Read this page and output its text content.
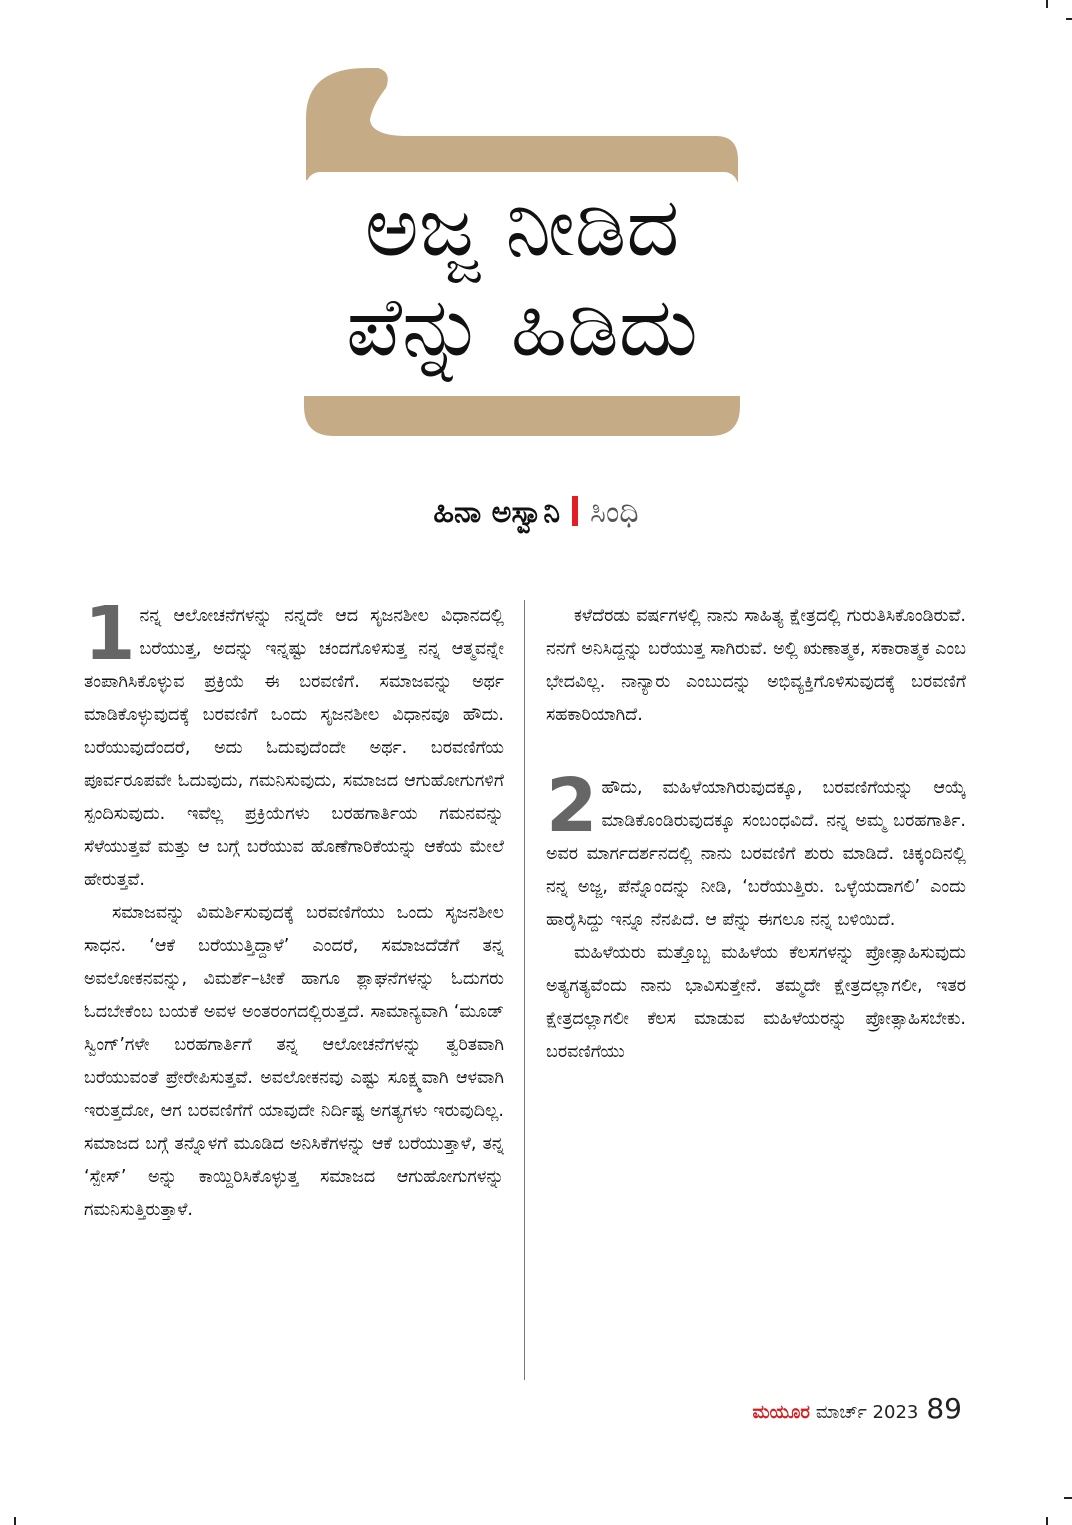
ಅಜ್ಜ ನೀಡಿದ
ಪೆನ್ನು ಹಿಡಿದು
ಹಿನಾ ಅಸ್ವಾನಿ ಸಿಂಧಿ

1 ನನ್ನ ಆಲೋಚನೆಗಳನ್ನು ನನ್ನದೇ ಆದ ಸೃಜನಶೀಲ ವಿಧಾನದಲ್ಲಿ ಬರೆಯುತ್ತ, ಅದನ್ನು ಇನ್ನಷ್ಟು ಚಂದಗೊಳಿಸುತ್ತ ನನ್ನ ಆತ್ಮವನ್ನೇ ತಂಪಾಗಿಸಿಕೊಳ್ಳುವ ಪ್ರಕ್ರಿಯೆ ಈ ಬರವಣಿಗೆ. ಸಮಾಜವನ್ನು ಅರ್ಥ ಮಾಡಿಕೊಳ್ಳುವುದಕ್ಕೆ ಬರವಣಿಗೆ ಒಂದು ಸೃಜನಶೀಲ ವಿಧಾನವೂ ಹೌದು. ಬರೆಯುವುದೆಂದರೆ, ಅದು ಓದುವುದೆಂದೇ ಅರ್ಥ. ಬರವಣಿಗೆಯ ಪೂರ್ವರೂಪವೇ ಓದುವುದು, ಗಮನಿಸುವುದು, ಸಮಾಜದ ಆಗುಹೋಗುಗಳಿಗೆ ಸ್ಪಂದಿಸುವುದು. ಇವೆಲ್ಲ ಪ್ರಕ್ರಿಯೆಗಳು ಬರಹಗಾರ್ತಿಯ ಗಮನವನ್ನು ಸೆಳೆಯುತ್ತವೆ ಮತ್ತು ಆ ಬಗ್ಗೆ ಬರೆಯುವ ಹೊಣೆಗಾರಿಕೆಯನ್ನು ಆಕೆಯ ಮೇಲೆ ಹೇರುತ್ತವೆ.

ಸಮಾಜವನ್ನು ವಿಮರ್ಶಿಸುವುದಕ್ಕೆ ಬರವಣಿಗೆಯು ಒಂದು ಸೃಜನಶೀಲ ಸಾಧನ. ‘ಆಕೆ ಬರೆಯುತ್ತಿದ್ದಾಳೆ’ ಎಂದರೆ, ಸಮಾಜದೆಡೆಗೆ ತನ್ನ ಅವಲೋಕನವನ್ನು, ವಿಮರ್ಶೆ–ಟೀಕೆ ಹಾಗೂ ಶ್ಲಾಘನೆಗಳನ್ನು ಓದುಗರು ಓದಬೇಕೆಂಬ ಬಯಕೆ ಅವಳ ಅಂತರಂಗದಲ್ಲಿರುತ್ತದೆ. ಸಾಮಾನ್ಯವಾಗಿ ‘ಮೂಡ್ ಸ್ವಿಂಗ್’ಗಳೇ ಬರಹಗಾರ್ತಿಗೆ ತನ್ನ ಆಲೋಚನೆಗಳನ್ನು ತ್ವರಿತವಾಗಿ ಬರೆಯುವಂತೆ ಪ್ರೇರೇಪಿಸುತ್ತವೆ. ಅವಲೋಕನವು ಎಷ್ಟು ಸೂಕ್ಷ್ಮವಾಗಿ ಆಳವಾಗಿ ಇರುತ್ತದೋ, ಆಗ ಬರವಣಿಗೆಗೆ ಯಾವುದೇ ನಿರ್ದಿಷ್ಟ ಅಗತ್ಯಗಳು ಇರುವುದಿಲ್ಲ. ಸಮಾಜದ ಬಗ್ಗೆ ತನ್ನೊಳಗೆ ಮೂಡಿದ ಅನಿಸಿಕೆಗಳನ್ನು ಆಕೆ ಬರೆಯುತ್ತಾಳೆ, ತನ್ನ ‘ಸ್ಪೇಸ್’ ಅನ್ನು ಕಾಯ್ದಿರಿಸಿಕೊಳ್ಳುತ್ತ ಸಮಾಜದ ಆಗುಹೋಗುಗಳನ್ನು ಗಮನಿಸುತ್ತಿರುತ್ತಾಳೆ.

ಕಳೆದೆರಡು ವರ್ಷಗಳಲ್ಲಿ ನಾನು ಸಾಹಿತ್ಯ ಕ್ಷೇತ್ರದಲ್ಲಿ ಗುರುತಿಸಿಕೊಂಡಿರುವೆ. ನನಗೆ ಅನಿಸಿದ್ದನ್ನು ಬರೆಯುತ್ತ ಸಾಗಿರುವೆ. ಅಲ್ಲಿ ಋಣಾತ್ಮಕ, ಸಕಾರಾತ್ಮಕ ಎಂಬ ಭೇದವಿಲ್ಲ. ನಾನ್ಯಾರು ಎಂಬುದನ್ನು ಅಭಿವ್ಯಕ್ತಿಗೊಳಿಸುವುದಕ್ಕೆ ಬರವಣಿಗೆ ಸಹಕಾರಿಯಾಗಿದೆ.

2 ಹೌದು, ಮಹಿಳೆಯಾಗಿರುವುದಕ್ಕೂ, ಬರವಣಿಗೆಯನ್ನು ಆಯ್ಕೆ ಮಾಡಿಕೊಂಡಿರುವುದಕ್ಕೂ ಸಂಬಂಧವಿದೆ. ನನ್ನ ಅಮ್ಮ ಬರಹಗಾರ್ತಿ. ಅವರ ಮಾರ್ಗದರ್ಶನದಲ್ಲಿ ನಾನು ಬರವಣಿಗೆ ಶುರು ಮಾಡಿದೆ. ಚಿಕ್ಕಂದಿನಲ್ಲಿ ನನ್ನ ಅಜ್ಜ, ಪೆನ್ನೊಂದನ್ನು ನೀಡಿ, ‘ಬರೆಯುತ್ತಿರು. ಒಳ್ಳೆಯದಾಗಲಿ’ ಎಂದು ಹಾರೈಸಿದ್ದು ಇನ್ನೂ ನೆನಪಿದೆ. ಆ ಪೆನ್ನು ಈಗಲೂ ನನ್ನ ಬಳಿಯಿದೆ.

ಮಹಿಳೆಯರು ಮತ್ತೊಬ್ಬ ಮಹಿಳೆಯ ಕೆಲಸಗಳನ್ನು ಪ್ರೋತ್ಸಾಹಿಸುವುದು ಅತ್ಯಗತ್ಯವೆಂದು ನಾನು ಭಾವಿಸುತ್ತೇನೆ. ತಮ್ಮದೇ ಕ್ಷೇತ್ರದಲ್ಲಾಗಲೀ, ಇತರ ಕ್ಷೇತ್ರದಲ್ಲಾಗಲೀ ಕೆಲಸ ಮಾಡುವ ಮಹಿಳೆಯರನ್ನು ಪ್ರೋತ್ಸಾಹಿಸಬೇಕು. ಬರವಣಿಗೆಯು

ಮಯೂರ ಮಾರ್ಚ್ 2023 89
